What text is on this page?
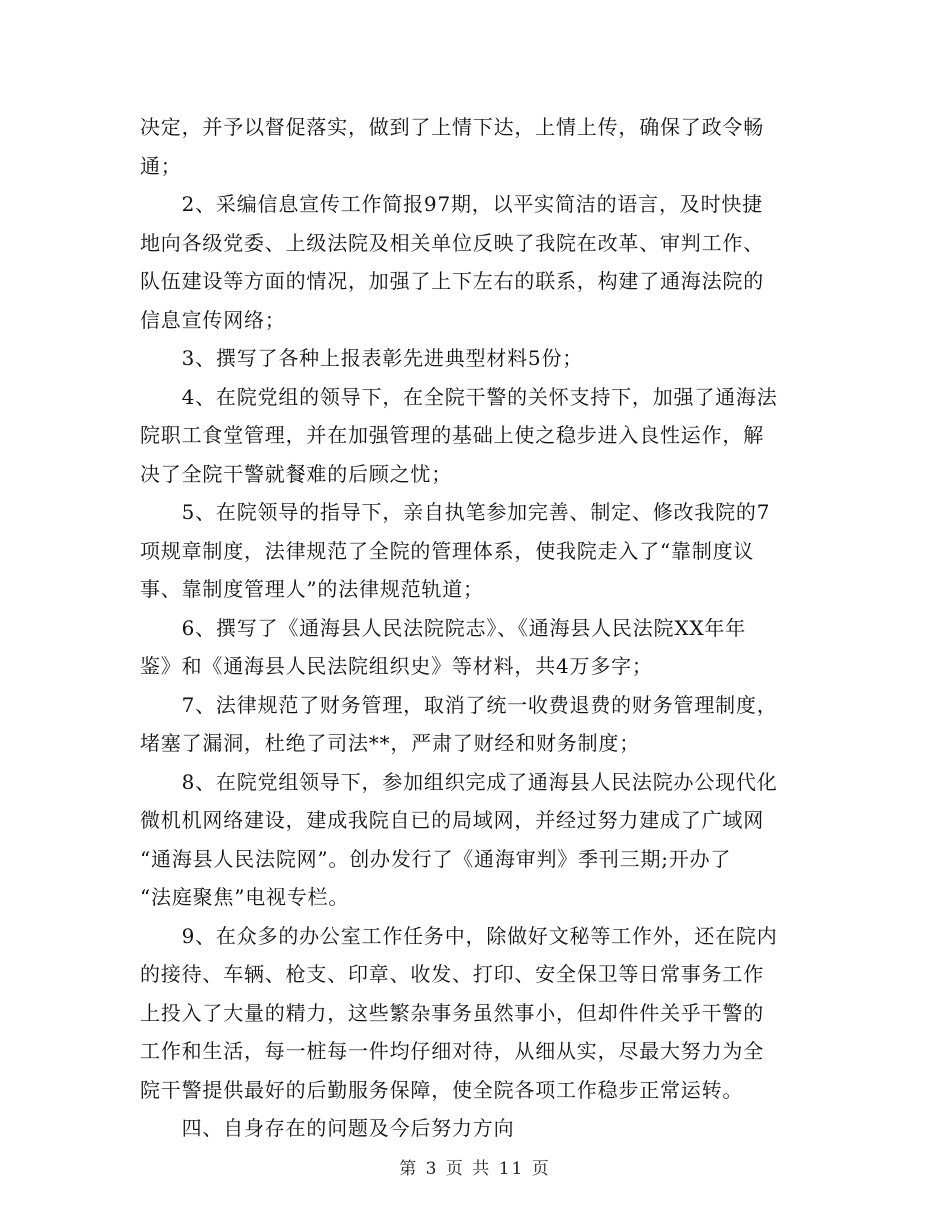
决定，并予以督促落实，做到了上情下达，上情上传，确保了政令畅

通；

　　2、采编信息宣传工作简报97期，以平实简洁的语言，及时快捷

地向各级党委、上级法院及相关单位反映了我院在改革、审判工作、

队伍建设等方面的情况，加强了上下左右的联系，构建了通海法院的

信息宣传网络；

　　3、撰写了各种上报表彰先进典型材料5份；

　　4、在院党组的领导下，在全院干警的关怀支持下，加强了通海法

院职工食堂管理，并在加强管理的基础上使之稳步进入良性运作，解

决了全院干警就餐难的后顾之忧；

　　5、在院领导的指导下，亲自执笔参加完善、制定、修改我院的7

项规章制度，法律规范了全院的管理体系，使我院走入了“靠制度议

事、靠制度管理人”的法律规范轨道；

　　6、撰写了《通海县人民法院院志》、《通海县人民法院XX年年

鉴》和《通海县人民法院组织史》等材料，共4万多字；

　　7、法律规范了财务管理，取消了统一收费退费的财务管理制度，

堵塞了漏洞，杜绝了司法**，严肃了财经和财务制度；

　　8、在院党组领导下，参加组织完成了通海县人民法院办公现代化

微机机网络建设，建成我院自已的局域网，并经过努力建成了广域网

“通海县人民法院网”。创办发行了《通海审判》季刊三期;开办了

“法庭聚焦”电视专栏。

　　9、在众多的办公室工作任务中，除做好文秘等工作外，还在院内

的接待、车辆、枪支、印章、收发、打印、安全保卫等日常事务工作

上投入了大量的精力，这些繁杂事务虽然事小，但却件件关乎干警的

工作和生活，每一桩每一件均仔细对待，从细从实，尽最大努力为全

院干警提供最好的后勤服务保障，使全院各项工作稳步正常运转。

　　四、自身存在的问题及今后努力方向

第 3 页 共 11 页
